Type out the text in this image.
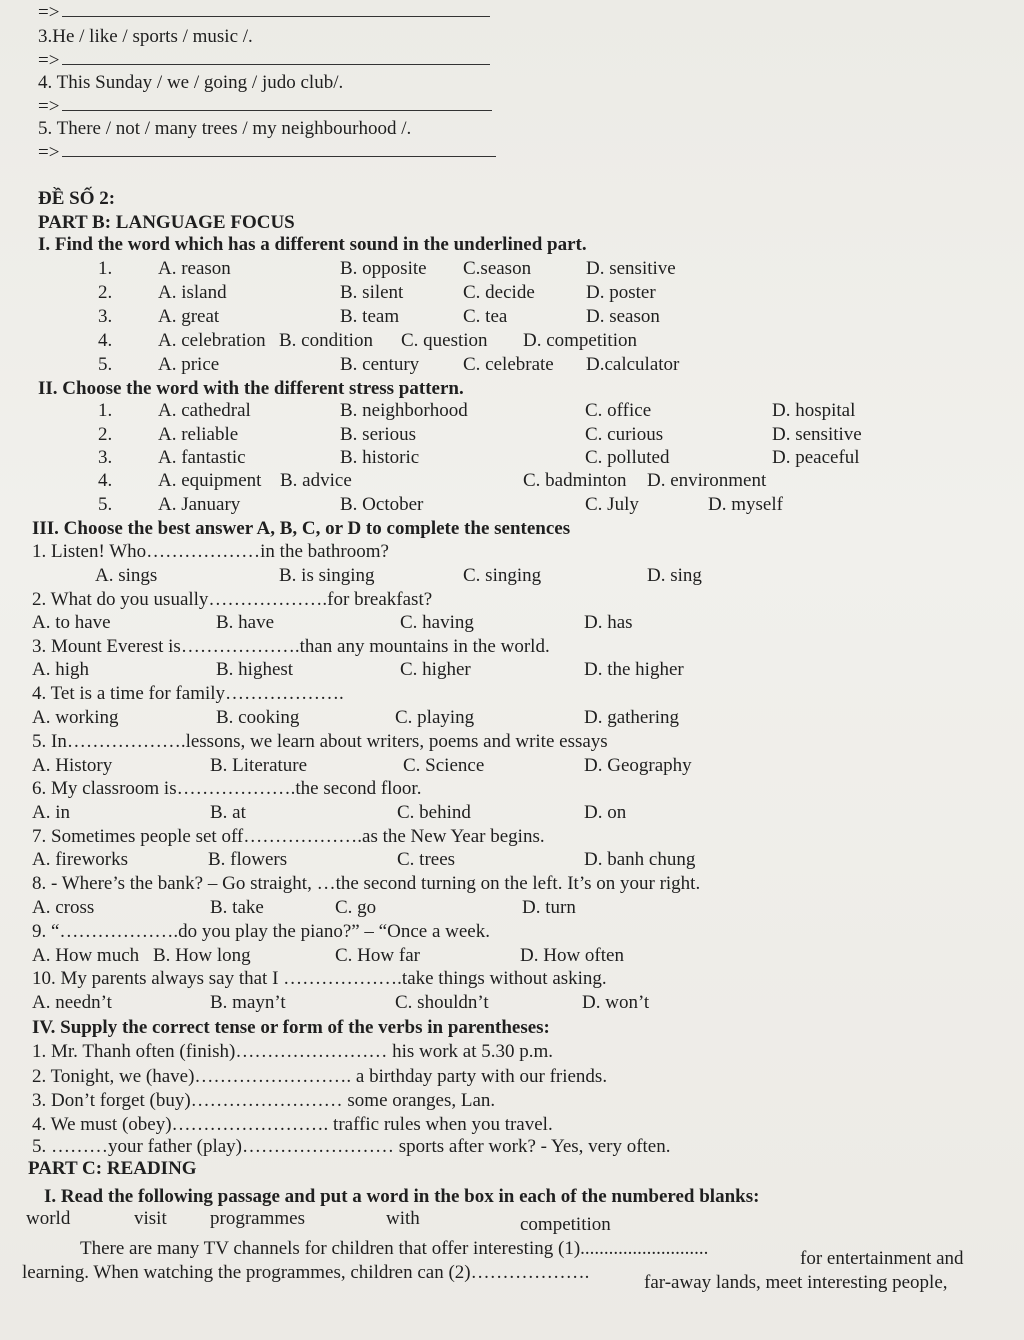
=>
3.He / like / sports / music /.
=>
4. This Sunday / we / going / judo club/.
=>
5. There / not / many trees / my neighbourhood /.
=>
ĐỀ SỐ 2:
PART B: LANGUAGE FOCUS
I. Find the word which has a different sound in the underlined part.
1. A. reason	B. opposite C.season	D. sensitive
2. A. island	B. silent	C. decide	D. poster
3. A. great	B. team	C. tea	D. season
4. A. celebration B. condition C. question D. competition
5. A. price	B. century C. celebrate D.calculator
II. Choose the word with the different stress pattern.
1. A. cathedral	B. neighborhood	C. office	D. hospital
2. A. reliable	B. serious	C. curious	D. sensitive
3. A. fantastic	B. historic	C. polluted	D. peaceful
4. A. equipment B. advice	C. badminton D. environment
5. A. January	B. October	C. July	D. myself
III. Choose the best answer A, B, C, or D to complete the sentences
1. Listen! Who………………in the bathroom?
A. sings	B. is singing	C. singing	D. sing
2. What do you usually……………….for breakfast?
A. to have	B. have	C. having	D. has
3. Mount Everest is……………….than any mountains in the world.
A. high	B. highest	C. higher	D. the higher
4. Tet is a time for family……………….
A. working	B. cooking	C. playing	D. gathering
5. In……………….lessons, we learn about writers, poems and write essays
A. History	B. Literature	C. Science	D. Geography
6. My classroom is……………….the second floor.
A. in	B. at	C. behind	D. on
7. Sometimes people set off……………….as the New Year begins.
A. fireworks	B. flowers	C. trees	D. banh chung
8. - Where’s the bank? – Go straight, …the second turning on the left. It’s on your right.
A. cross	B. take	C. go	D. turn
9. “……………….do you play the piano?” – “Once a week.
A. How much B. How long	C. How far	D. How often
10. My parents always say that I ……………….take things without asking.
A. needn’t	B. mayn’t	C. shouldn’t	D. won’t
IV. Supply the correct tense or form of the verbs in parentheses:
1. Mr. Thanh often (finish)…………………… his work at 5.30 p.m.
2. Tonight, we (have)……………………. a birthday party with our friends.
3. Don’t forget (buy)…………………… some oranges, Lan.
4. We must (obey)……………………. traffic rules when you travel.
5. ………your father (play)…………………… sports after work? - Yes, very often.
PART C: READING
I. Read the following passage and put a word in the box in each of the numbered blanks:
world	visit programmes	with	competition
There are many TV channels for children that offer interesting (1)...........................	for entertainment and
learning. When watching the programmes, children can (2)……………….	far-away lands, meet interesting people,
